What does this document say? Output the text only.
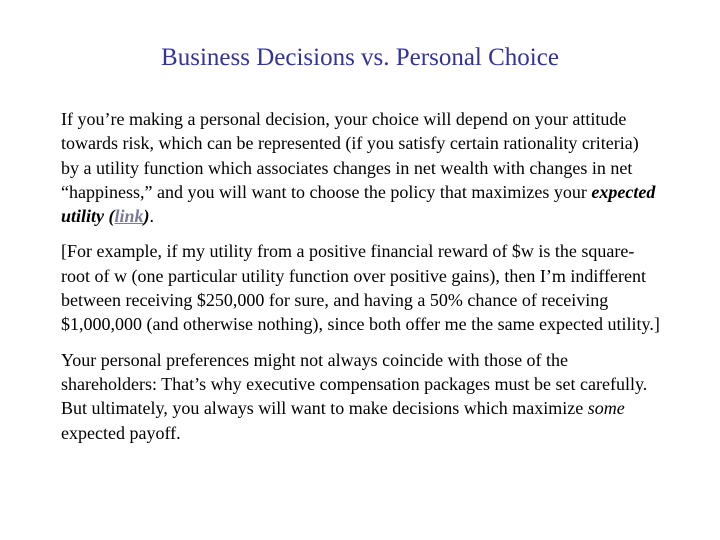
Business Decisions vs. Personal Choice

If you’re making a personal decision, your choice will depend on your attitude towards risk, which can be represented (if you satisfy certain rationality criteria) by a utility function which associates changes in net wealth with changes in net “happiness,” and you will want to choose the policy that maximizes your expected utility (link).

[For example, if my utility from a positive financial reward of $w is the square-root of w (one particular utility function over positive gains), then I’m indifferent between receiving $250,000 for sure, and having a 50% chance of receiving $1,000,000 (and otherwise nothing), since both offer me the same expected utility.]

Your personal preferences might not always coincide with those of the shareholders: That’s why executive compensation packages must be set carefully. But ultimately, you always will want to make decisions which maximize some expected payoff.
